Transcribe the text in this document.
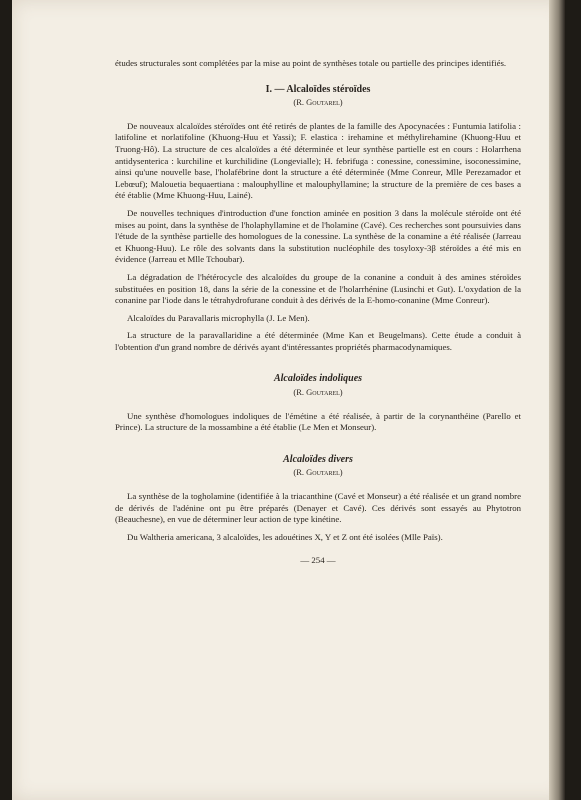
études structurales sont complétées par la mise au point de synthèses totale ou partielle des principes identifiés.

I. — Alcaloïdes stéroïdes
(R. Goutarel)

De nouveaux alcaloïdes stéroïdes ont été retirés de plantes de la famille des Apocynacées : Funtumia latifolia : latifoline et norlatifoline (Khuong-Huu et Yassi); F. elastica : irehamine et méthylirehamine (Khuong-Huu et Truong-Hô). La structure de ces alcaloïdes a été déterminée et leur synthèse partielle est en cours : Holarrhena antidysenterica : kurchiline et kurchilidine (Longevialle); H. febrifuga : conessine, conessimine, isoconessimine, ainsi qu'une nouvelle base, l'holafébrine dont la structure a été déterminée (Mme Conreur, Mlle Perezamador et Lebœuf); Malouetia bequaertiana : malouphylline et malouphyllamine; la structure de la première de ces bases a été établie (Mme Khuong-Huu, Lainé).

De nouvelles techniques d'introduction d'une fonction aminée en position 3 dans la molécule stéroïde ont été mises au point, dans la synthèse de l'holaphyllamine et de l'holamine (Cavé). Ces recherches sont poursuivies dans l'étude de la synthèse partielle des homologues de la conessine. La synthèse de la conamine a été réalisée (Jarreau et Khuong-Huu). Le rôle des solvants dans la substitution nucléophile des tosyloxy-3β stéroïdes a été mis en évidence (Jarreau et Mlle Tchoubar).

La dégradation de l'hétérocycle des alcaloïdes du groupe de la conanine a conduit à des amines stéroïdes substituées en position 18, dans la série de la conessine et de l'holarrhénine (Lusinchi et Gut). L'oxydation de la conanine par l'iode dans le tétrahydrofurane conduit à des dérivés de la E-homo-conanine (Mme Conreur).

Alcaloïdes du Paravallaris microphylla (J. Le Men).

La structure de la paravallaridine a été déterminée (Mme Kan et Beugelmans). Cette étude a conduit à l'obtention d'un grand nombre de dérivés ayant d'intéressantes propriétés pharmacodynamiques.

Alcaloïdes indoliques
(R. Goutarel)

Une synthèse d'homologues indoliques de l'émétine a été réalisée, à partir de la corynanthéine (Parello et Prince). La structure de la mossambine a été établie (Le Men et Monseur).

Alcaloïdes divers
(R. Goutarel)

La synthèse de la togholamine (identifiée à la triacanthine (Cavé et Monseur) a été réalisée et un grand nombre de dérivés de l'adénine ont pu être préparés (Denayer et Cavé). Ces dérivés sont essayés au Phytotron (Beauchesne), en vue de déterminer leur action de type kinétine.

Du Waltheria americana, 3 alcaloïdes, les adouétines X, Y et Z ont été isolées (Mlle Païs).

— 254 —
